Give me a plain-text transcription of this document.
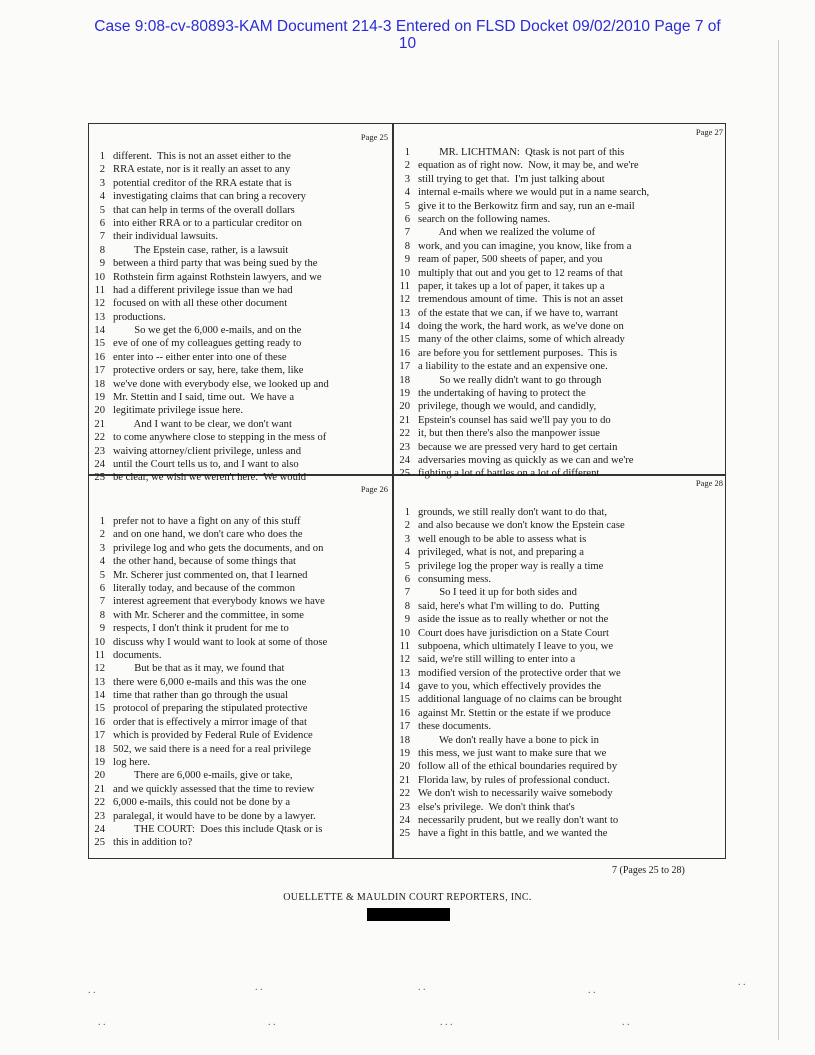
Case 9:08-cv-80893-KAM Document 214-3 Entered on FLSD Docket 09/02/2010 Page 7 of
10
Page 25
1 different.  This is not an asset either to the
2 RRA estate, nor is it really an asset to any
3 potential creditor of the RRA estate that is
4 investigating claims that can bring a recovery
5 that can help in terms of the overall dollars
6 into either RRA or to a particular creditor on
7 their individual lawsuits.
8 The Epstein case, rather, is a lawsuit
9 between a third party that was being sued by the
10 Rothstein firm against Rothstein lawyers, and we
11 had a different privilege issue than we had
12 focused on with all these other document
13 productions.
14 So we get the 6,000 e-mails, and on the
15 eve of one of my colleagues getting ready to
16 enter into -- either enter into one of these
17 protective orders or say, here, take them, like
18 we've done with everybody else, we looked up and
19 Mr. Stettin and I said, time out.  We have a
20 legitimate privilege issue here.
21 And I want to be clear, we don't want
22 to come anywhere close to stepping in the mess of
23 waiving attorney/client privilege, unless and
24 until the Court tells us to, and I want to also
25 be clear, we wish we weren't here.  We would
Page 27
1 MR. LICHTMAN:  Qtask is not part of this
2 equation as of right now.  Now, it may be, and we're
3 still trying to get that.  I'm just talking about
4 internal e-mails where we would put in a name search,
5 give it to the Berkowitz firm and say, run an e-mail
6 search on the following names.
7 And when we realized the volume of
8 work, and you can imagine, you know, like from a
9 ream of paper, 500 sheets of paper, and you
10 multiply that out and you get to 12 reams of that
11 paper, it takes up a lot of paper, it takes up a
12 tremendous amount of time.  This is not an asset
13 of the estate that we can, if we have to, warrant
14 doing the work, the hard work, as we've done on
15 many of the other claims, some of which already
16 are before you for settlement purposes.  This is
17 a liability to the estate and an expensive one.
18 So we really didn't want to go through
19 the undertaking of having to protect the
20 privilege, though we would, and candidly,
21 Epstein's counsel has said we'll pay you to do
22 it, but then there's also the manpower issue
23 because we are pressed very hard to get certain
24 adversaries moving as quickly as we can and we're
25 fighting a lot of battles on a lot of different
Page 26
1 prefer not to have a fight on any of this stuff
2 and on one hand, we don't care who does the
3 privilege log and who gets the documents, and on
4 the other hand, because of some things that
5 Mr. Scherer just commented on, that I learned
6 literally today, and because of the common
7 interest agreement that everybody knows we have
8 with Mr. Scherer and the committee, in some
9 respects, I don't think it prudent for me to
10 discuss why I would want to look at some of those
11 documents.
12 But be that as it may, we found that
13 there were 6,000 e-mails and this was the one
14 time that rather than go through the usual
15 protocol of preparing the stipulated protective
16 order that is effectively a mirror image of that
17 which is provided by Federal Rule of Evidence
18 502, we said there is a need for a real privilege
19 log here.
20 There are 6,000 e-mails, give or take,
21 and we quickly assessed that the time to review
22 6,000 e-mails, this could not be done by a
23 paralegal, it would have to be done by a lawyer.
24 THE COURT:  Does this include Qtask or is
25 this in addition to?
Page 28
1 grounds, we still really don't want to do that,
2 and also because we don't know the Epstein case
3 well enough to be able to assess what is
4 privileged, what is not, and preparing a
5 privilege log the proper way is really a time
6 consuming mess.
7 So I teed it up for both sides and
8 said, here's what I'm willing to do.  Putting
9 aside the issue as to really whether or not the
10 Court does have jurisdiction on a State Court
11 subpoena, which ultimately I leave to you, we
12 said, we're still willing to enter into a
13 modified version of the protective order that we
14 gave to you, which effectively provides the
15 additional language of no claims can be brought
16 against Mr. Stettin or the estate if we produce
17 these documents.
18 We don't really have a bone to pick in
19 this mess, we just want to make sure that we
20 follow all of the ethical boundaries required by
21 Florida law, by rules of professional conduct.
22 We don't wish to necessarily waive somebody
23 else's privilege.  We don't think that's
24 necessarily prudent, but we really don't want to
25 have a fight in this battle, and we wanted the
7 (Pages 25 to 28)
OUELLETTE & MAULDIN COURT REPORTERS, INC.
. .	. .	. .	. .
. .
. .	. .	. . .	. .
